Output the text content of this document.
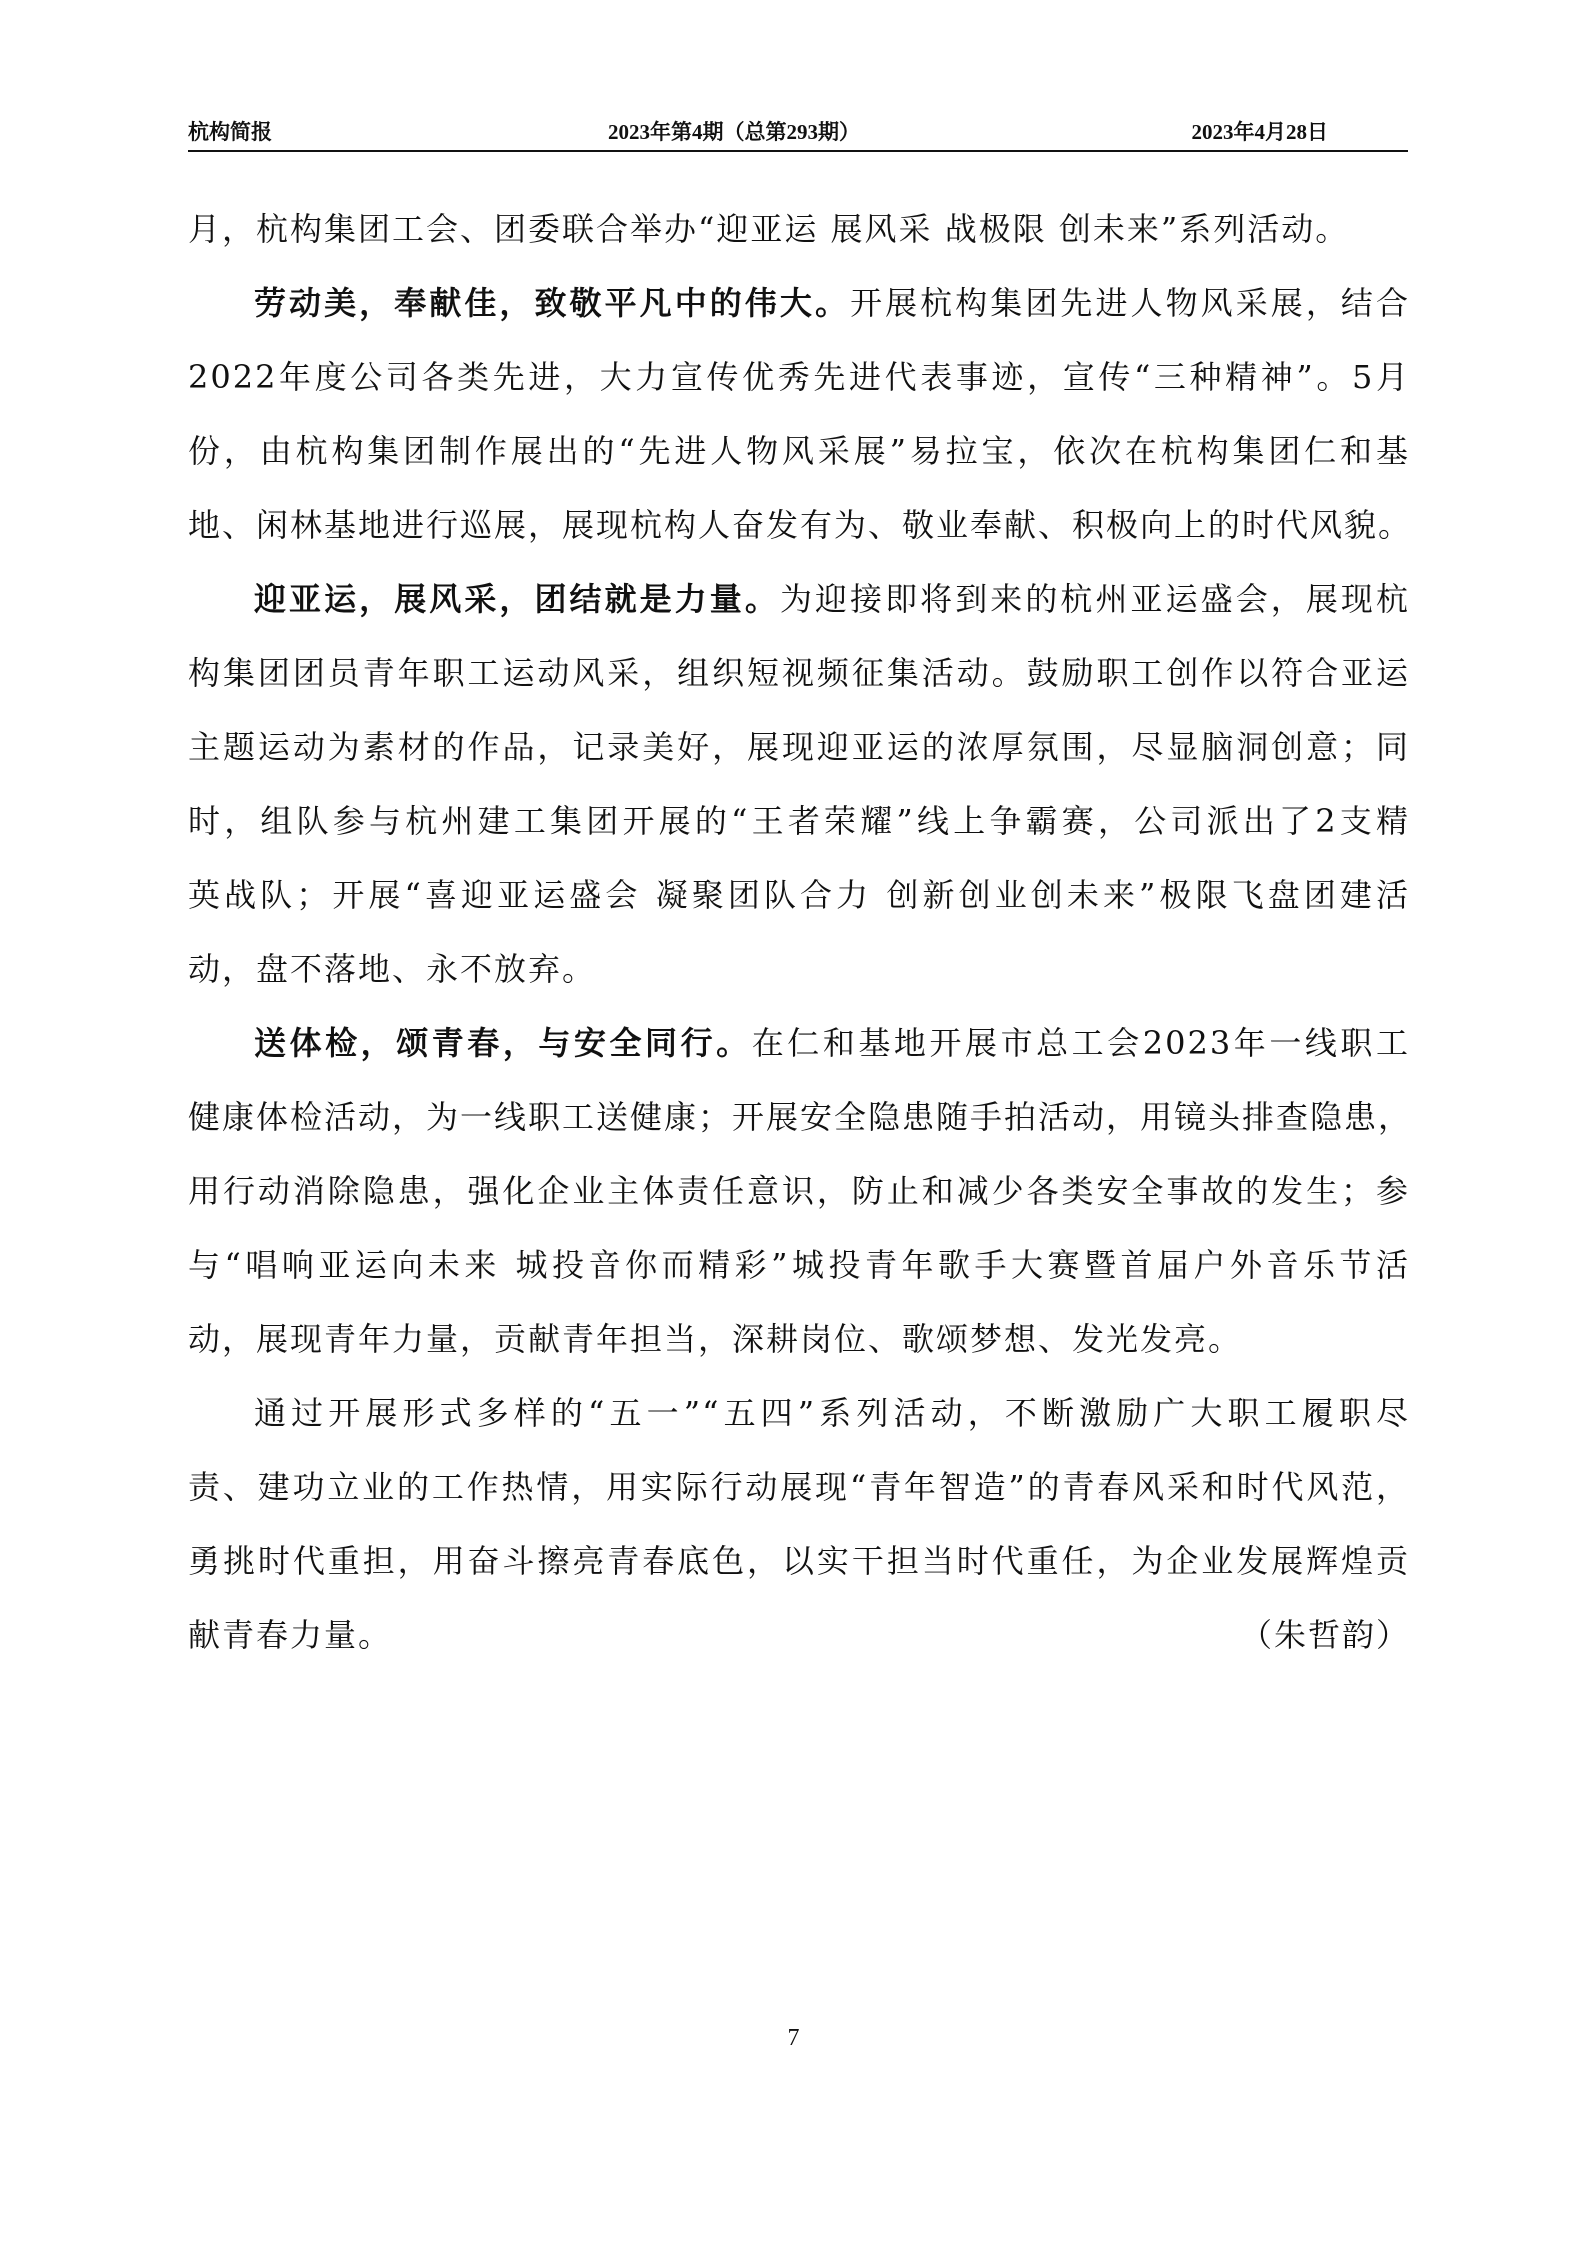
杭构简报	2023年第4期（总第293期）	2023年4月28日
月，杭构集团工会、团委联合举办“迎亚运 展风采 战极限 创未来”系列活动。
劳动美，奉献佳，致敬平凡中的伟大。开展杭构集团先进人物风采展，结合
2022年度公司各类先进，大力宣传优秀先进代表事迹，宣传“三种精神”。5月
份，由杭构集团制作展出的“先进人物风采展”易拉宝，依次在杭构集团仁和基
地、闲林基地进行巡展，展现杭构人奋发有为、敬业奉献、积极向上的时代风貌。
迎亚运，展风采，团结就是力量。为迎接即将到来的杭州亚运盛会，展现杭
构集团团员青年职工运动风采，组织短视频征集活动。鼓励职工创作以符合亚运
主题运动为素材的作品，记录美好，展现迎亚运的浓厚氛围，尽显脑洞创意；同
时，组队参与杭州建工集团开展的“王者荣耀”线上争霸赛，公司派出了2支精
英战队；开展“喜迎亚运盛会 凝聚团队合力 创新创业创未来”极限飞盘团建活
动，盘不落地、永不放弃。
送体检，颂青春，与安全同行。在仁和基地开展市总工会2023年一线职工
健康体检活动，为一线职工送健康；开展安全隐患随手拍活动，用镜头排查隐患，
用行动消除隐患，强化企业主体责任意识，防止和减少各类安全事故的发生；参
与“唱响亚运向未来 城投音你而精彩”城投青年歌手大赛暨首届户外音乐节活
动，展现青年力量，贡献青年担当，深耕岗位、歌颂梦想、发光发亮。
通过开展形式多样的“五一”“五四”系列活动，不断激励广大职工履职尽
责、建功立业的工作热情，用实际行动展现“青年智造”的青春风采和时代风范，
勇挑时代重担，用奋斗擦亮青春底色，以实干担当时代重任，为企业发展辉煌贡
献青春力量。	（朱哲韵）
7
